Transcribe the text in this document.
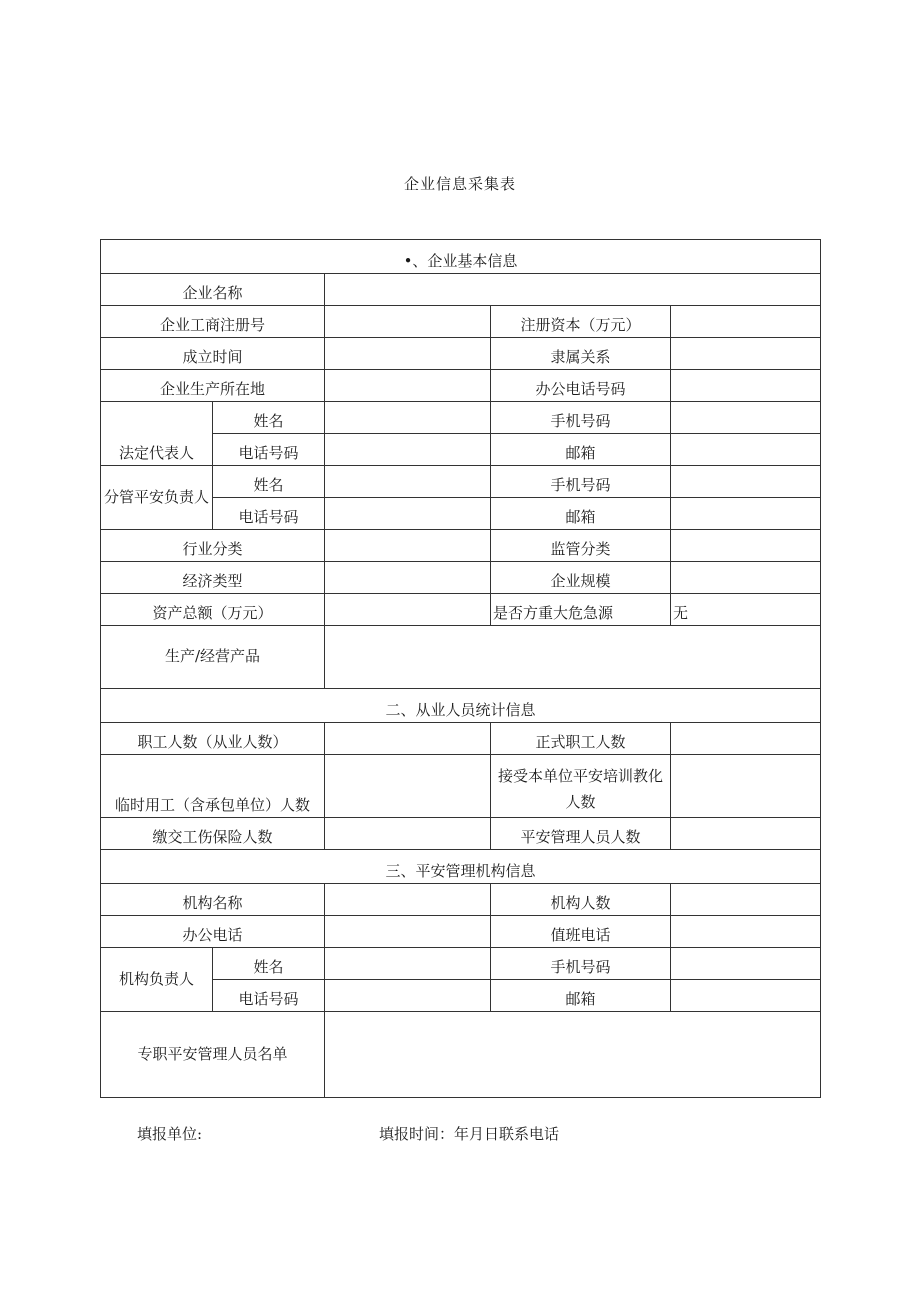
企业信息采集表
•、企业基本信息				
企业名称				
企业工商注册号			注册资本（万元）	
成立时间			隶属关系	
企业生产所在地			办公电话号码	
法定代表人	姓名		手机号码	
	电话号码		邮箱	
分管平安负责人	姓名		手机号码	
	电话号码		邮箱	
行业分类			监管分类	
经济类型			企业规模	
资产总额（万元）			是否方重大危急源	无
生产/经营产品				
二、从业人员统计信息				
职工人数（从业人数）			正式职工人数	
临时用工（含承包单位）人数			接受本单位平安培训教化人数	
缴交工伤保险人数			平安管理人员人数	
三、平安管理机构信息				
机构名称			机构人数	
办公电话			值班电话	
机构负责人	姓名		手机号码	
	电话号码		邮箱	
专职平安管理人员名单				
填报单位:	填报时间：年月日联系电话
